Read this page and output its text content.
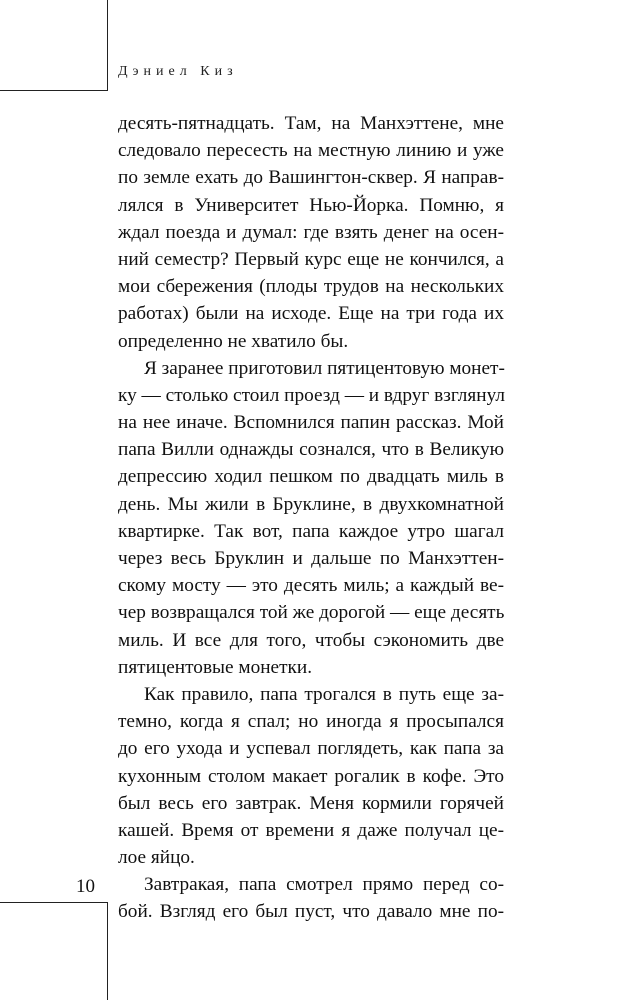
Дэниел Киз
десять-пятнадцать. Там, на Манхэттене, мне
следовало пересесть на местную линию и уже
по земле ехать до Вашингтон-сквер. Я направ-
лялся в Университет Нью-Йорка. Помню, я
ждал поезда и думал: где взять денег на осен-
ний семестр? Первый курс еще не кончился, а
мои сбережения (плоды трудов на нескольких
работах) были на исходе. Еще на три года их
определенно не хватило бы.
Я заранее приготовил пятицентовую монет-
ку — столько стоил проезд — и вдруг взглянул
на нее иначе. Вспомнился папин рассказ. Мой
папа Вилли однажды сознался, что в Великую
депрессию ходил пешком по двадцать миль в
день. Мы жили в Бруклине, в двухкомнатной
квартирке. Так вот, папа каждое утро шагал
через весь Бруклин и дальше по Манхэттен-
скому мосту — это десять миль; а каждый ве-
чер возвращался той же дорогой — еще десять
миль. И все для того, чтобы сэкономить две
пятицентовые монетки.
Как правило, папа трогался в путь еще за-
темно, когда я спал; но иногда я просыпался
до его ухода и успевал поглядеть, как папа за
кухонным столом макает рогалик в кофе. Это
был весь его завтрак. Меня кормили горячей
кашей. Время от времени я даже получал це-
лое яйцо.
Завтракая, папа смотрел прямо перед со-
бой. Взгляд его был пуст, что давало мне по-
10
